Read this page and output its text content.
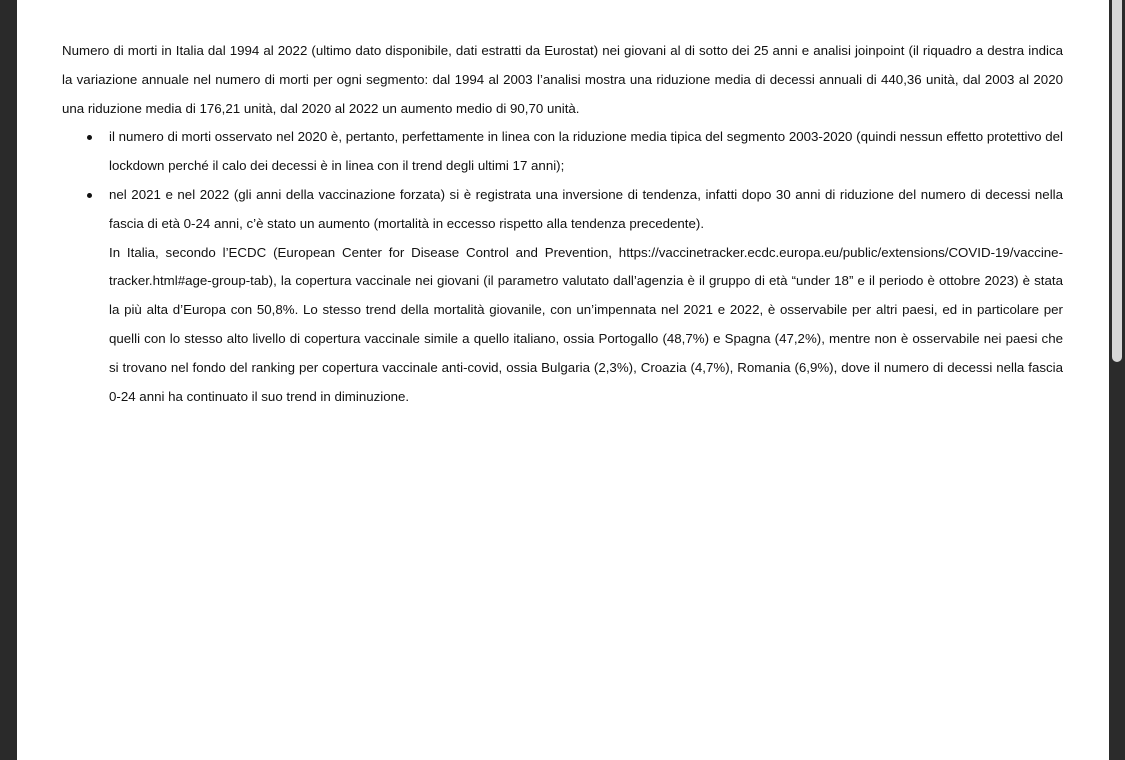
Numero di morti in Italia dal 1994 al 2022 (ultimo dato disponibile, dati estratti da Eurostat) nei giovani al di sotto dei 25 anni e analisi joinpoint (il riquadro a destra indica la variazione annuale nel numero di morti per ogni segmento: dal 1994 al 2003 l’analisi mostra una riduzione media di decessi annuali di 440,36 unità, dal 2003 al 2020 una riduzione media di 176,21 unità, dal 2020 al 2022 un aumento medio di 90,70 unità.

il numero di morti osservato nel 2020 è, pertanto, perfettamente in linea con la riduzione media tipica del segmento 2003-2020 (quindi nessun effetto protettivo del lockdown perché il calo dei decessi è in linea con il trend degli ultimi 17 anni);
nel 2021 e nel 2022 (gli anni della vaccinazione forzata) si è registrata una inversione di tendenza, infatti dopo 30 anni di riduzione del numero di decessi nella fascia di età 0-24 anni, c’è stato un aumento (mortalità in eccesso rispetto alla tendenza precedente).
In Italia, secondo l’ECDC (European Center for Disease Control and Prevention, https://vaccinetracker.ecdc.europa.eu/public/extensions/COVID-19/vaccine-tracker.html#age-group-tab), la copertura vaccinale nei giovani (il parametro valutato dall’agenzia è il gruppo di età “under 18” e il periodo è ottobre 2023) è stata la più alta d’Europa con 50,8%. Lo stesso trend della mortalità giovanile, con un’impennata nel 2021 e 2022, è osservabile per altri paesi, ed in particolare per quelli con lo stesso alto livello di copertura vaccinale simile a quello italiano, ossia Portogallo (48,7%) e Spagna (47,2%), mentre non è osservabile nei paesi che si trovano nel fondo del ranking per copertura vaccinale anti-covid, ossia Bulgaria (2,3%), Croazia (4,7%), Romania (6,9%), dove il numero di decessi nella fascia 0-24 anni ha continuato il suo trend in diminuzione.
